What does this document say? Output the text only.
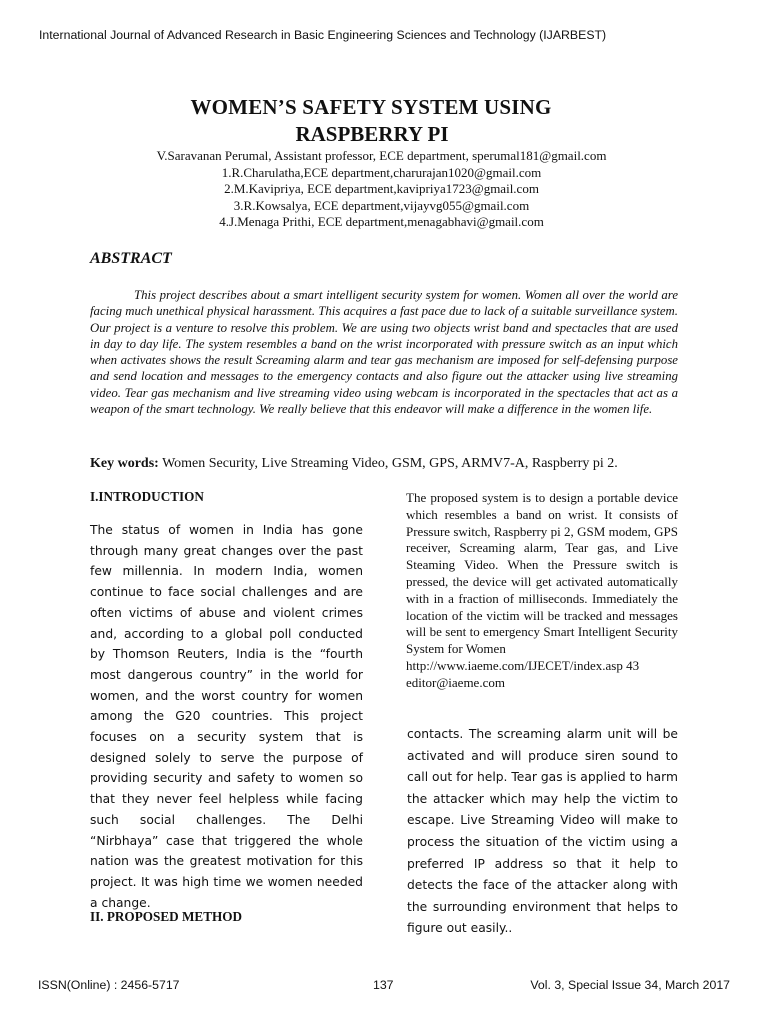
International Journal of Advanced Research in Basic Engineering Sciences and Technology (IJARBEST)
WOMEN’S SAFETY SYSTEM USING
RASPBERRY PI
V.Saravanan Perumal, Assistant professor, ECE department, sperumal181@gmail.com
1.R.Charulatha,ECE department,charurajan1020@gmail.com
2.M.Kavipriya, ECE department,kavipriya1723@gmail.com
3.R.Kowsalya, ECE department,vijayvg055@gmail.com
4.J.Menaga Prithi, ECE department,menagabhavi@gmail.com
ABSTRACT
This project describes about a smart intelligent security system for women. Women all over the world are facing much unethical physical harassment. This acquires a fast pace due to lack of a suitable surveillance system. Our project is a venture to resolve this problem. We are using two objects wrist band and spectacles that are used in day to day life. The system resembles a band on the wrist incorporated with pressure switch as an input which when activates shows the result Screaming alarm and tear gas mechanism are imposed for self-defensing purpose and send location and messages to the emergency contacts and also figure out the attacker using live streaming video. Tear gas mechanism and live streaming video using webcam is incorporated in the spectacles that act as a weapon of the smart technology. We really believe that this endeavor will make a difference in the women life.
Key words: Women Security, Live Streaming Video, GSM, GPS, ARMV7-A, Raspberry pi 2.
I.INTRODUCTION
The status of women in India has gone through many great changes over the past few millennia. In modern India, women continue to face social challenges and are often victims of abuse and violent crimes and, according to a global poll conducted by Thomson Reuters, India is the “fourth most dangerous country” in the world for women, and the worst country for women among the G20 countries. This project focuses on a security system that is designed solely to serve the purpose of providing security and safety to women so that they never feel helpless while facing such social challenges. The Delhi “Nirbhaya” case that triggered the whole nation was the greatest motivation for this project. It was high time we women needed a change.
II. PROPOSED METHOD
The proposed system is to design a portable device which resembles a band on wrist. It consists of Pressure switch, Raspberry pi 2, GSM modem, GPS receiver, Screaming alarm, Tear gas, and Live Steaming Video. When the Pressure switch is pressed, the device will get activated automatically with in a fraction of milliseconds. Immediately the location of the victim will be tracked and messages will be sent to emergency Smart Intelligent Security System for Women
http://www.iaeme.com/IJECET/index.asp 43
editor@iaeme.com
contacts. The screaming alarm unit will be activated and will produce siren sound to call out for help. Tear gas is applied to harm the attacker which may help the victim to escape. Live Streaming Video will make to process the situation of the victim using a preferred IP address so that it help to detects the face of the attacker along with the surrounding environment that helps to figure out easily..
ISSN(Online) : 2456-5717	137	Vol. 3, Special Issue 34, March 2017
